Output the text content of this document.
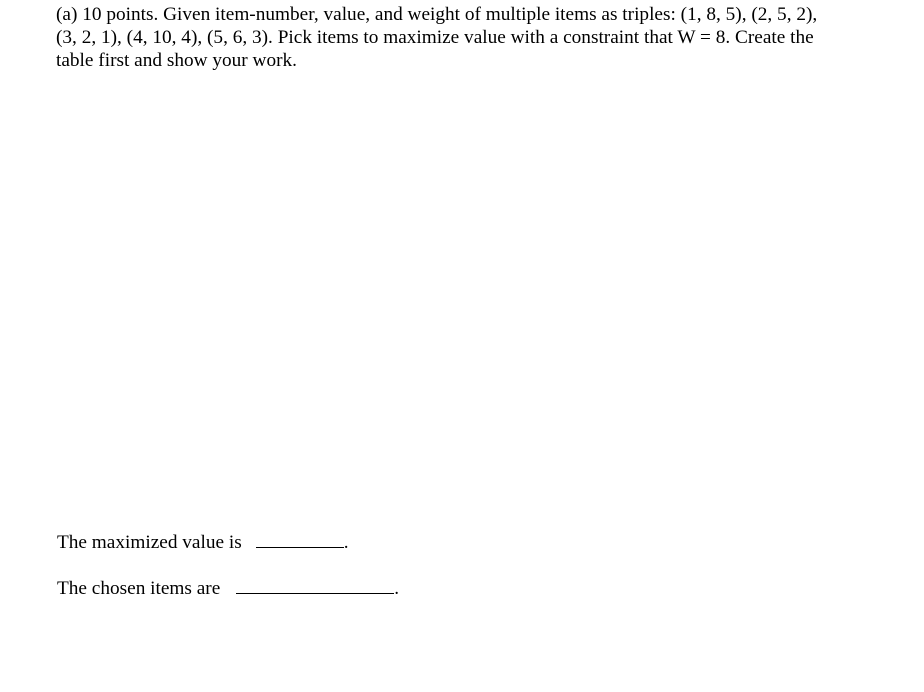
(a) 10 points. Given item-number, value, and weight of multiple items as triples: (1, 8, 5), (2, 5, 2),
(3, 2, 1), (4, 10, 4), (5, 6, 3). Pick items to maximize value with a constraint that W = 8. Create the
table first and show your work.
The maximized value is	.
The chosen items are	.
